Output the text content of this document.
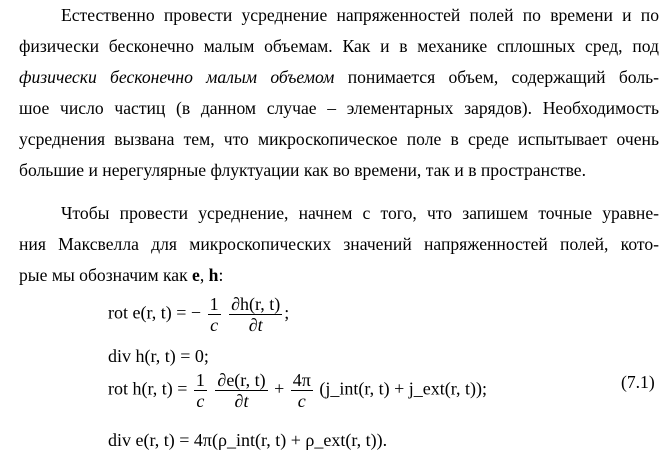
Естественно провести усреднение напряженностей полей по времени и по
физически бесконечно малым объемам. Как и в механике сплошных сред, под
физически бесконечно малым объемом понимается объем, содержащий боль-
шое число частиц (в данном случае – элементарных зарядов). Необходимость
усреднения вызвана тем, что микроскопическое поле в среде испытывает очень
большие и нерегулярные флуктуации как во времени, так и в пространстве.
Чтобы провести усреднение, начнем с того, что запишем точные уравне-
ния Максвелла для микроскопических значений напряженностей полей, кото-
рые мы обозначим как e, h:
rot e(r, t) = − $\frac{1}{c}$
$\frac{\partial h(r, t)}{\partial t}$ ;
div h(r, t) = 0;
rot h(r, $t) = \frac{1}{c}$
$\frac{\partial e(r, t)}{\partial t} + \frac{4\pi}{c}$ (j_int(r, t) + j_ext(r, t));
div e(r, t) = 4π(ρ_int(r, t) + ρ_ext(r, t)).
(7.1)
